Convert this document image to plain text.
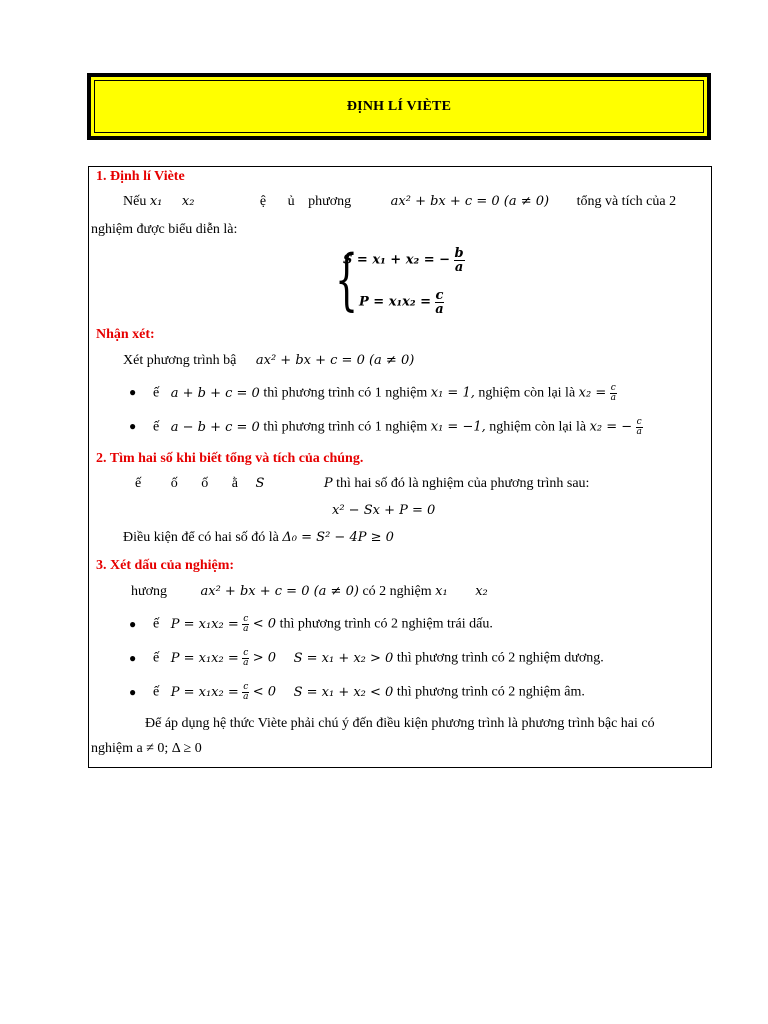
ĐỊNH LÍ VIÈTE
1. Định lí Viète
Nếu x₁ x₂	ệ ủ phương	ax² + bx + c = 0 (a ≠ 0) tổng và tích của 2
nghiệm được biểu diễn là:
{
S = x₁ + x₂ = − $\frac{b}{a}$
$P = x_1x_2 = \frac{c}{a}$
Nhận xét:
Xét phương trình bậ ax² + bx + c = 0 (a ≠ 0)
● ế a + b + c = 0 thì phương trình có 1 nghiệm x₁ = 1, nghiệm còn lại là $x_2 = \frac{c}{a}$
● ế a − b + c = 0 thì phương trình có 1 nghiệm x₁ = −1, nghiệm còn lại là x₂ = − $\frac{c}{a}$
2. Tìm hai số khi biết tổng và tích của chúng.
ế ố ố ằ S	P thì hai số đó là nghiệm của phương trình sau:
x² − Sx + P = 0
Điều kiện để có hai số đó là Δ₀ = S² − 4P ≥ 0
3. Xét dấu của nghiệm:
hương	ax² + bx + c = 0 (a ≠ 0) có 2 nghiệm x₁ x₂
● ế $P = x_1x_2 = \frac{c}{a} < 0$ thì phương trình có 2 nghiệm trái dấu.
● ế $P = x_1x_2 = \frac{c}{a} > 0$ S = x₁ + x₂ > 0 thì phương trình có 2 nghiệm dương.
● ế $P = x_1x_2 = \frac{c}{a} < 0$ S = x₁ + x₂ < 0 thì phương trình có 2 nghiệm âm.
Để áp dụng hệ thức Viète phải chú ý đến điều kiện phương trình là phương trình bậc hai có
nghiệm a ≠ 0; Δ ≥ 0
